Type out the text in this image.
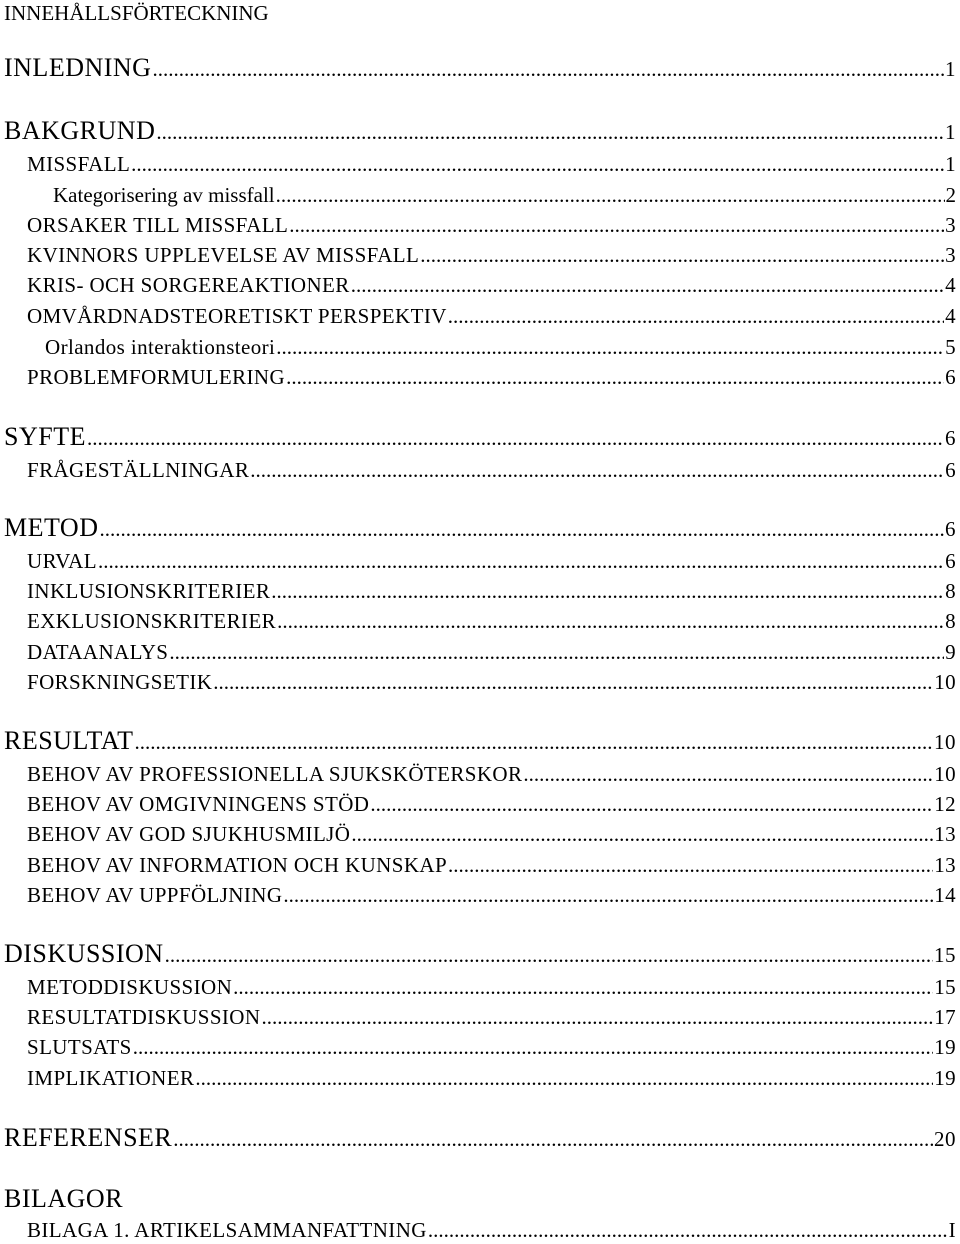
INNEHÅLLSFÖRTECKNING
INLEDNING .....	1
BAKGRUND .....	1
MISSFALL .....	1
Kategorisering av missfall .....	2
ORSAKER TILL MISSFALL .....	3
KVINNORS UPPLEVELSE AV MISSFALL .....	3
KRIS- OCH SORGEREAKTIONER .....	4
OMVÅRDNADSTEORETISKT PERSPEKTIV .....	4
Orlandos interaktionsteori .....	5
PROBLEMFORMULERING .....	6
SYFTE .....	6
FRÅGESTÄLLNINGAR .....	6
METOD .....	6
URVAL .....	6
INKLUSIONSKRITERIER .....	8
EXKLUSIONSKRITERIER .....	8
DATAANALYS .....	9
FORSKNINGSETIK .....	10
RESULTAT .....	10
BEHOV AV PROFESSIONELLA SJUKSKÖTERSKOR .....	10
BEHOV AV OMGIVNINGENS STÖD .....	12
BEHOV AV GOD SJUKHUSMILJÖ .....	13
BEHOV AV INFORMATION OCH KUNSKAP .....	13
BEHOV AV UPPFÖLJNING .....	14
DISKUSSION .....	15
METODDISKUSSION .....	15
RESULTATDISKUSSION .....	17
SLUTSATS .....	19
IMPLIKATIONER .....	19
REFERENSER .....	20
BILAGOR
BILAGA 1. ARTIKELSAMMANFATTNING .....	I
